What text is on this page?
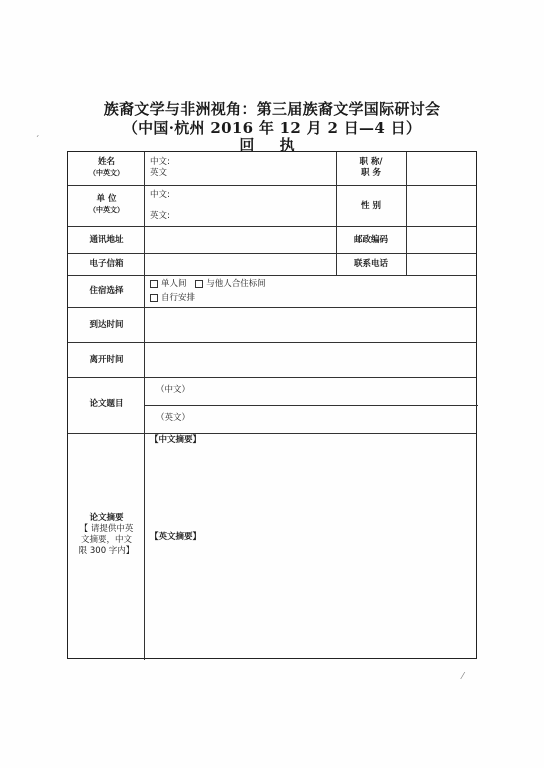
族裔文学与非洲视角：第三届族裔文学国际研讨会
（中国·杭州 2016 年 12 月 2 日—4 日）
回 执
姓名
（中英文）
中文:
英文
职 称/
职 务
单 位
（中英文）
中文:
英文:
性 别
通讯地址	邮政编码
电子信箱	联系电话
住宿选择
单人间 与他人合住标间
自行安排
到达时间
离开时间
论文题目
（中文）
（英文）
论文摘要
【 请提供中英
文摘要，中文
限 300 字内】
【中文摘要】
【英文摘要】
´
⁄
